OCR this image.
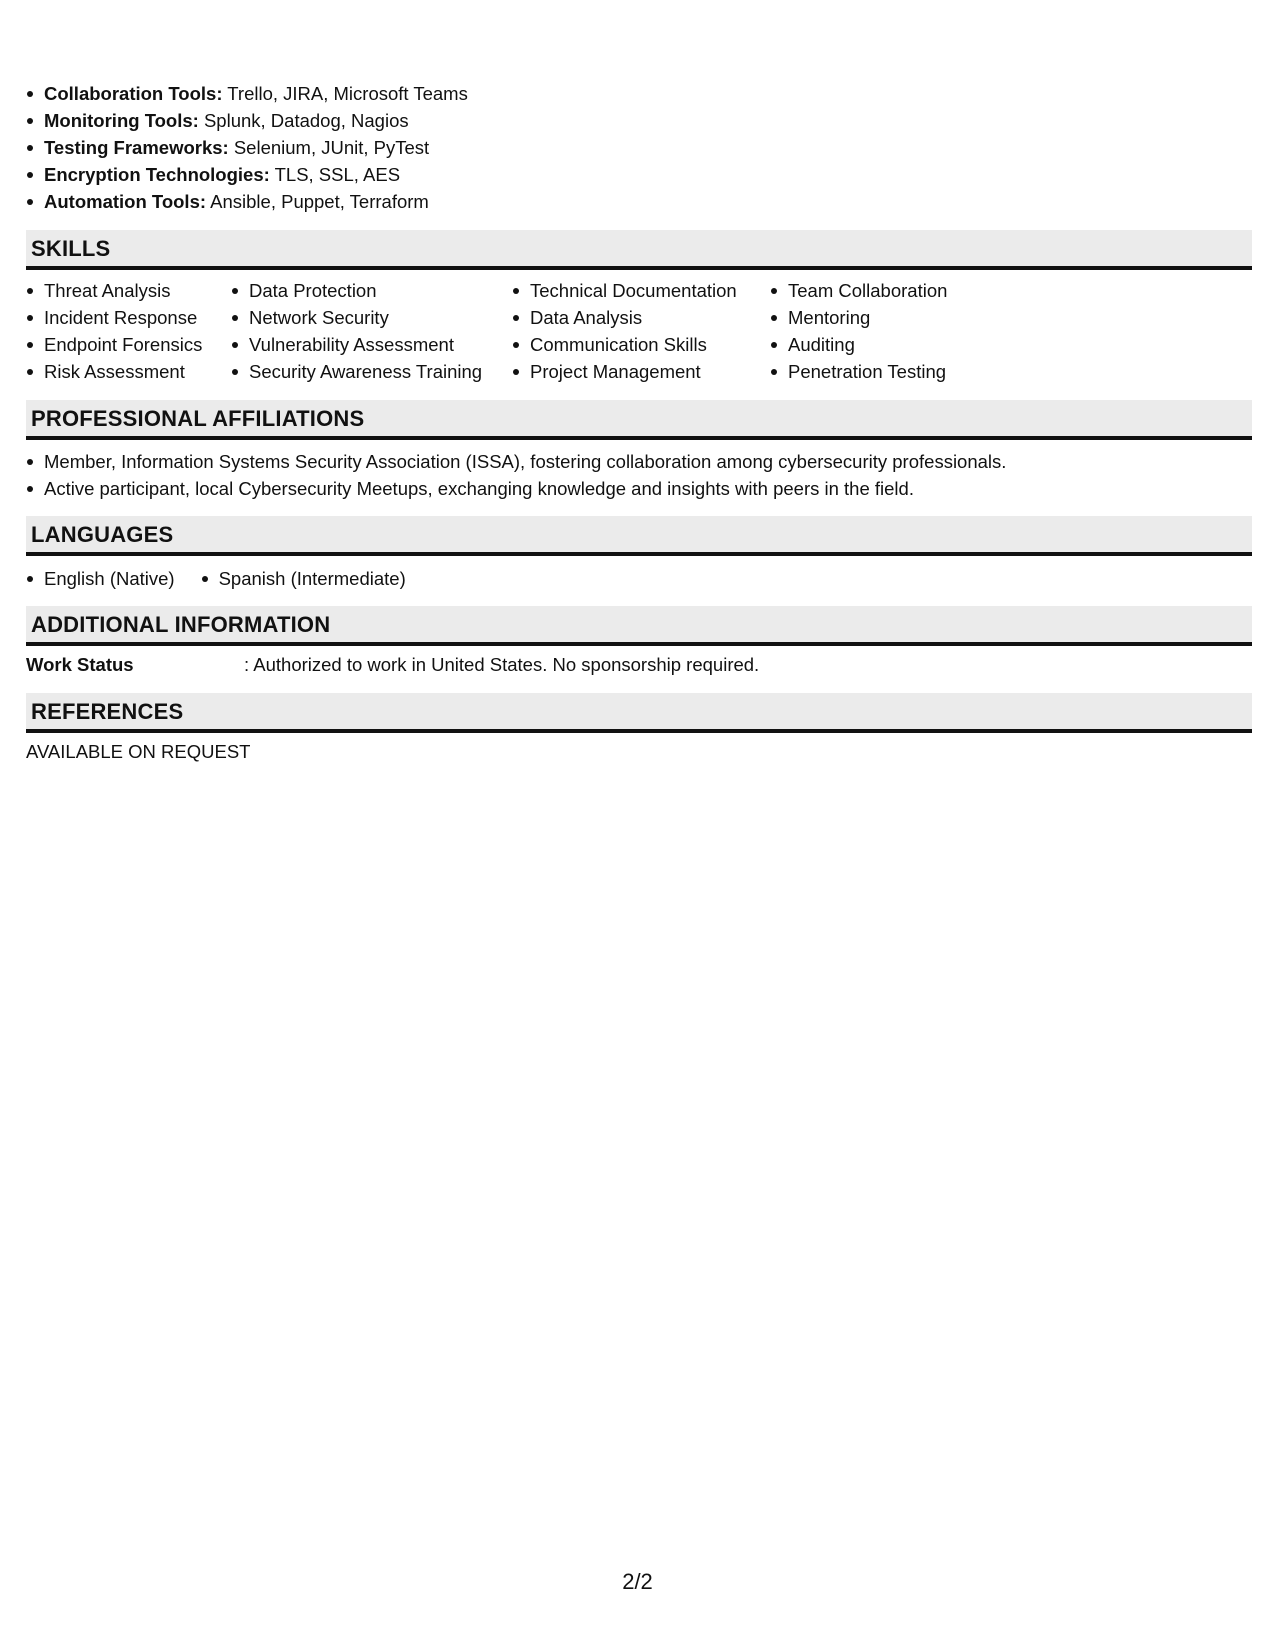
Collaboration Tools: Trello, JIRA, Microsoft Teams
Monitoring Tools: Splunk, Datadog, Nagios
Testing Frameworks: Selenium, JUnit, PyTest
Encryption Technologies: TLS, SSL, AES
Automation Tools: Ansible, Puppet, Terraform
SKILLS
Threat Analysis
Incident Response
Endpoint Forensics
Risk Assessment
Data Protection
Network Security
Vulnerability Assessment
Security Awareness Training
Technical Documentation
Data Analysis
Communication Skills
Project Management
Team Collaboration
Mentoring
Auditing
Penetration Testing
PROFESSIONAL AFFILIATIONS
Member, Information Systems Security Association (ISSA), fostering collaboration among cybersecurity professionals.
Active participant, local Cybersecurity Meetups, exchanging knowledge and insights with peers in the field.
LANGUAGES
English (Native)	Spanish (Intermediate)
ADDITIONAL INFORMATION
Work Status	: Authorized to work in United States. No sponsorship required.
REFERENCES
AVAILABLE ON REQUEST
2/2
